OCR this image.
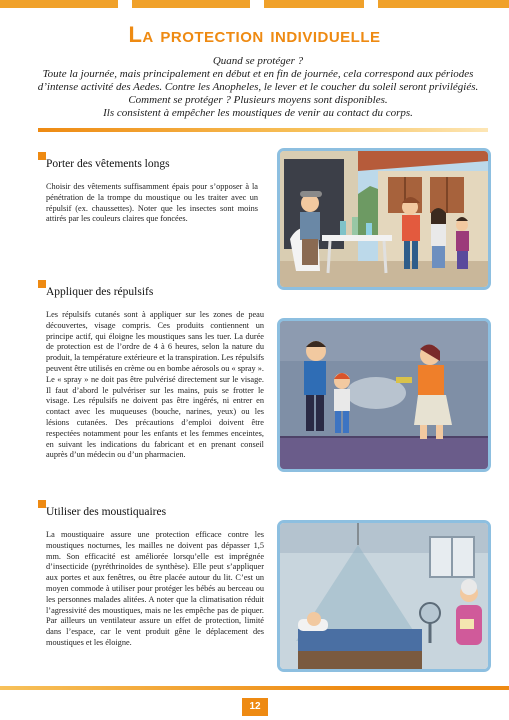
La protection individuelle

Quand se protéger ?

Toute la journée, mais principalement en début et en fin de journée, cela correspond aux périodes d’intense activité des Aedes. Contre les Anopheles, le lever et le coucher du soleil seront privilégiés.

Comment se protéger ? Plusieurs moyens sont disponibles.

Ils consistent à empêcher les moustiques de venir au contact du corps.

Porter des vêtements longs
Choisir des vêtements suffisamment épais pour s’opposer à la pénétration de la trompe du moustique ou les traiter avec un répulsif (ex. chaussettes). Noter que les insectes sont moins attirés par les couleurs claires que foncées.
Appliquer des répulsifs
Les répulsifs cutanés sont à appliquer sur les zones de peau découvertes, visage compris. Ces produits contiennent un principe actif, qui éloigne les moustiques sans les tuer. La durée de protection est de l’ordre de 4 à 6 heures, selon la nature du produit, la température extérieure et la transpiration. Les répulsifs peuvent être utilisés en crème ou en bombe aérosols ou « spray ». Le « spray » ne doit pas être pulvérisé directement sur le visage. Il faut d’abord le pulvériser sur les mains, puis se frotter le visage. Les répulsifs ne doivent pas être ingérés, ni entrer en contact avec les muqueuses (bouche, narines, yeux) ou les lésions cutanées. Des précautions d’emploi doivent être respectées notamment pour les enfants et les femmes enceintes, en suivant les indications du fabricant et en prenant conseil auprès d’un médecin ou d’un pharmacien.
Utiliser des moustiquaires
La moustiquaire assure une protection efficace contre les moustiques nocturnes, les mailles ne doivent pas dépasser 1,5 mm. Son efficacité est améliorée lorsqu’elle est imprégnée d’insecticide (pyréthrinoïdes de synthèse). Elle peut s’appliquer aux portes et aux fenêtres, ou être placée autour du lit. C’est un moyen commode à utiliser pour protéger les bébés au berceau ou les personnes malades alitées. A noter que la climatisation réduit l’agressivité des moustiques, mais ne les empêche pas de piquer. Par ailleurs un ventilateur assure un effet de protection, limité dans l’espace, car le vent produit gêne le déplacement des moustiques et les éloigne.
12
